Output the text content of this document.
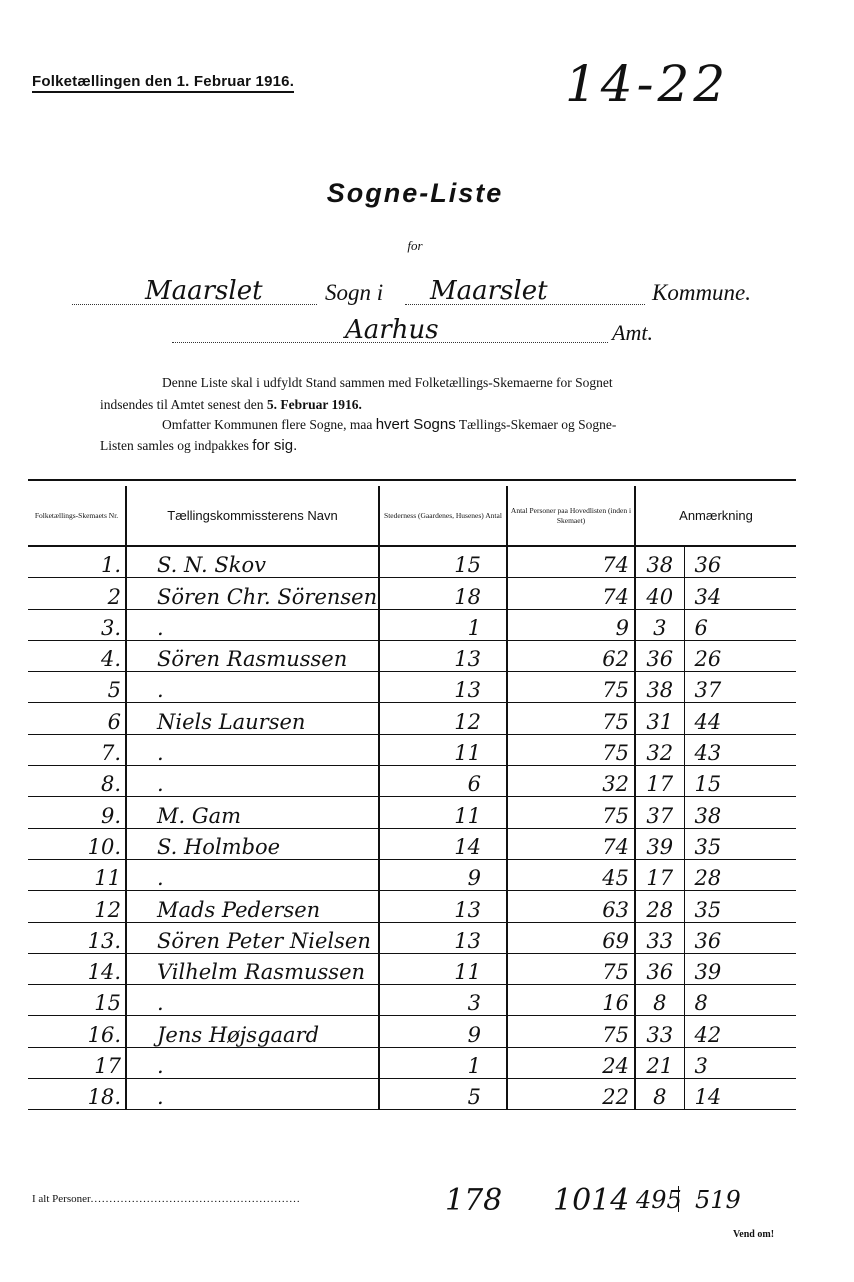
Folketællingen den 1. Februar 1916.	14-22
Sogne-Liste
for
Maarslet	Sogn i Maarslet	Kommune.
Aarhus	Amt.
Denne Liste skal i udfyldt Stand sammen med Folketællings-Skemaerne for Sognet
indsendes til Amtet senest den 5. Februar 1916.
Omfatter Kommunen flere Sogne, maa hvert Sogns Tællings-Skemaer og Sogne-
Listen samles og indpakkes for sig.
Folketællings-Skemaets Nr.	Tællingskommissterens Navn	Stederness (Gaardenes, Husenes) Antal	Antal Personer paa Hovedlisten (inden i Skemaet)	Anmærkning	
1.	S. N. Skov	15	74	38	36
2	Sören Chr. Sörensen	18	74	40	34
3.	.	1	9	3	6
4.	Sören Rasmussen	13	62	36	26
5	.	13	75	38	37
6	Niels Laursen	12	75	31	44
7.	.	11	75	32	43
8.	.	6	32	17	15
9.	M. Gam	11	75	37	38
10.	S. Holmboe	14	74	39	35
11	.	9	45	17	28
12	Mads Pedersen	13	63	28	35
13.	Sören Peter Nielsen	13	69	33	36
14.	Vilhelm Rasmussen	11	75	36	39
15	.	3	16	8	8
16.	Jens Højsgaard	9	75	33	42
17	.	1	24	21	3
18.	.	5	22	8	14
I alt Personer........................................................	178 1014 495 519
Vend om!
